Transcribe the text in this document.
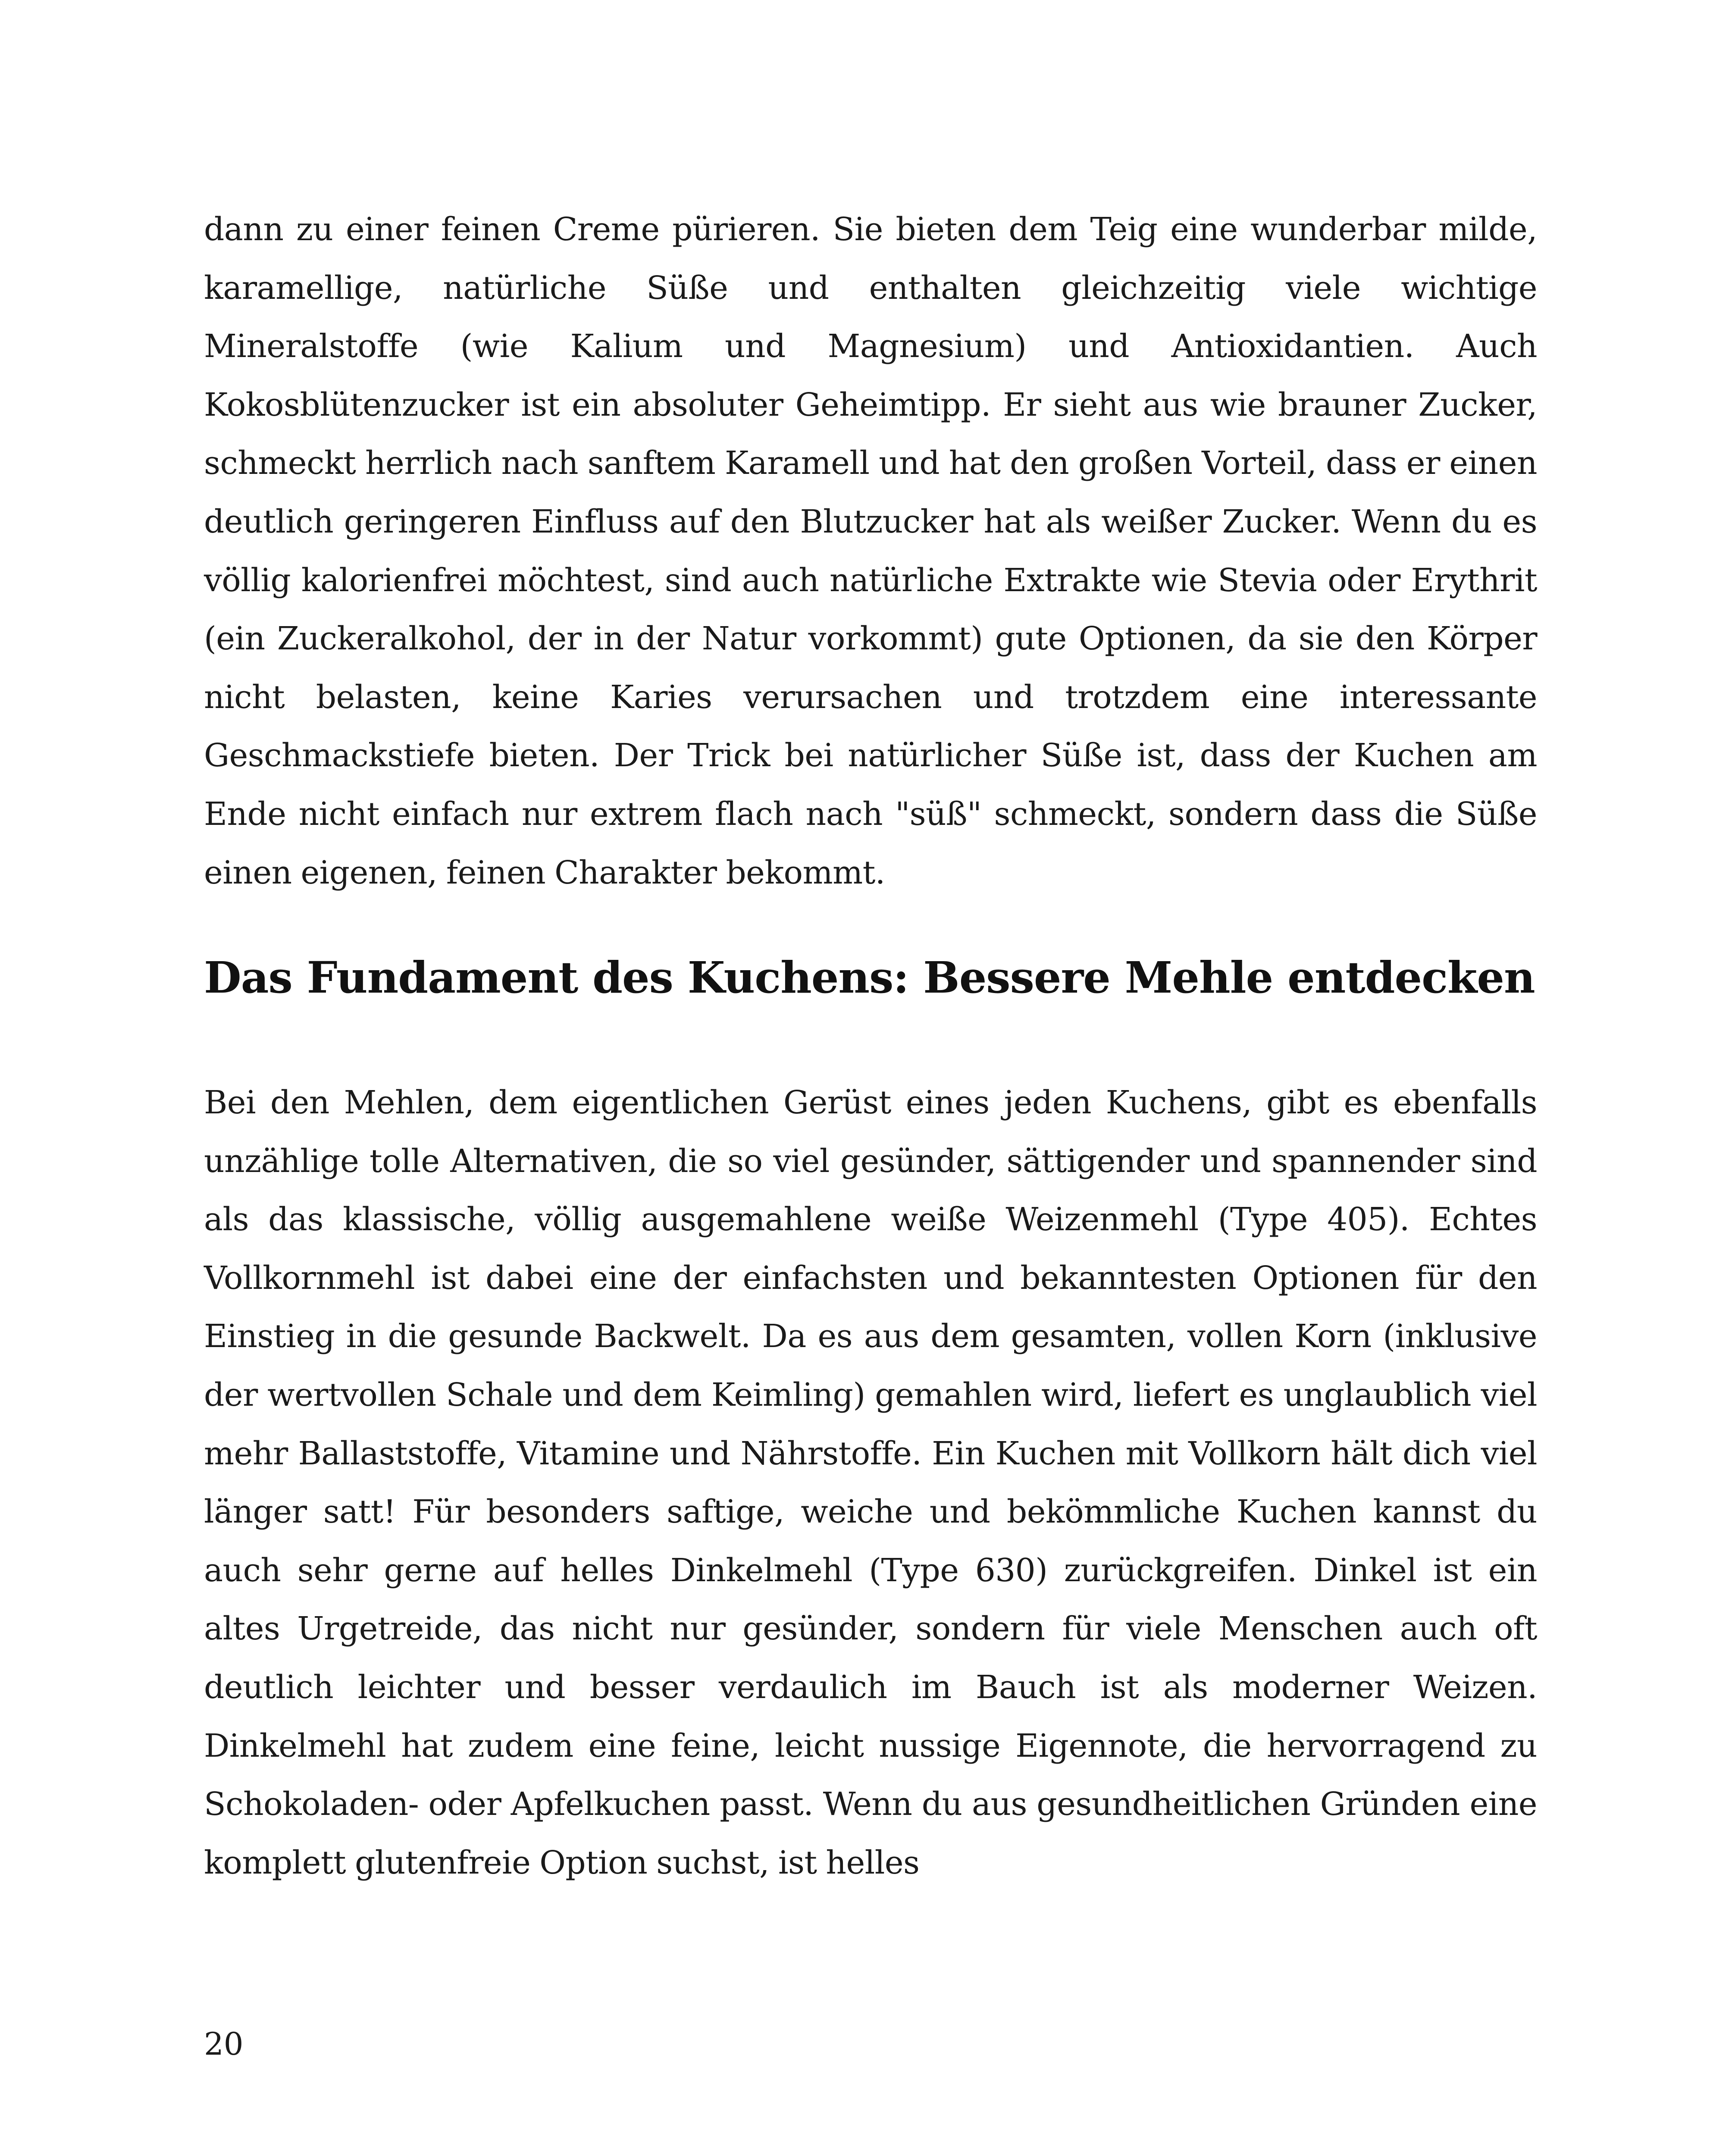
dann zu einer feinen Creme pürieren. Sie bieten dem Teig eine wunderbar milde, karamellige, natürliche Süße und enthalten gleichzeitig viele wichtige Mineralstoffe (wie Kalium und Magnesium) und Antioxidantien. Auch Kokosblütenzucker ist ein absoluter Geheimtipp. Er sieht aus wie brauner Zucker, schmeckt herrlich nach sanftem Karamell und hat den großen Vorteil, dass er einen deutlich geringeren Einfluss auf den Blutzucker hat als weißer Zucker. Wenn du es völlig kalorienfrei möchtest, sind auch natürliche Extrakte wie Stevia oder Erythrit (ein Zuckeralkohol, der in der Natur vorkommt) gute Optionen, da sie den Körper nicht belasten, keine Karies verursachen und trotzdem eine interessante Geschmackstiefe bieten. Der Trick bei natürlicher Süße ist, dass der Kuchen am Ende nicht einfach nur extrem flach nach "süß" schmeckt, sondern dass die Süße einen eigenen, feinen Charakter bekommt.

Das Fundament des Kuchens: Bessere Mehle entdecken

Bei den Mehlen, dem eigentlichen Gerüst eines jeden Kuchens, gibt es ebenfalls unzählige tolle Alternativen, die so viel gesünder, sättigender und spannender sind als das klassische, völlig ausgemahlene weiße Weizenmehl (Type 405). Echtes Vollkornmehl ist dabei eine der einfachsten und bekanntesten Optionen für den Einstieg in die gesunde Backwelt. Da es aus dem gesamten, vollen Korn (inklusive der wertvollen Schale und dem Keimling) gemahlen wird, liefert es unglaublich viel mehr Ballaststoffe, Vitamine und Nährstoffe. Ein Kuchen mit Vollkorn hält dich viel länger satt! Für besonders saftige, weiche und bekömmliche Kuchen kannst du auch sehr gerne auf helles Dinkelmehl (Type 630) zurückgreifen. Dinkel ist ein altes Urgetreide, das nicht nur gesünder, sondern für viele Menschen auch oft deutlich leichter und besser verdaulich im Bauch ist als moderner Weizen. Dinkelmehl hat zudem eine feine, leicht nussige Eigennote, die hervorragend zu Schokoladen- oder Apfelkuchen passt. Wenn du aus gesundheitlichen Gründen eine komplett glutenfreie Option suchst, ist helles

20
